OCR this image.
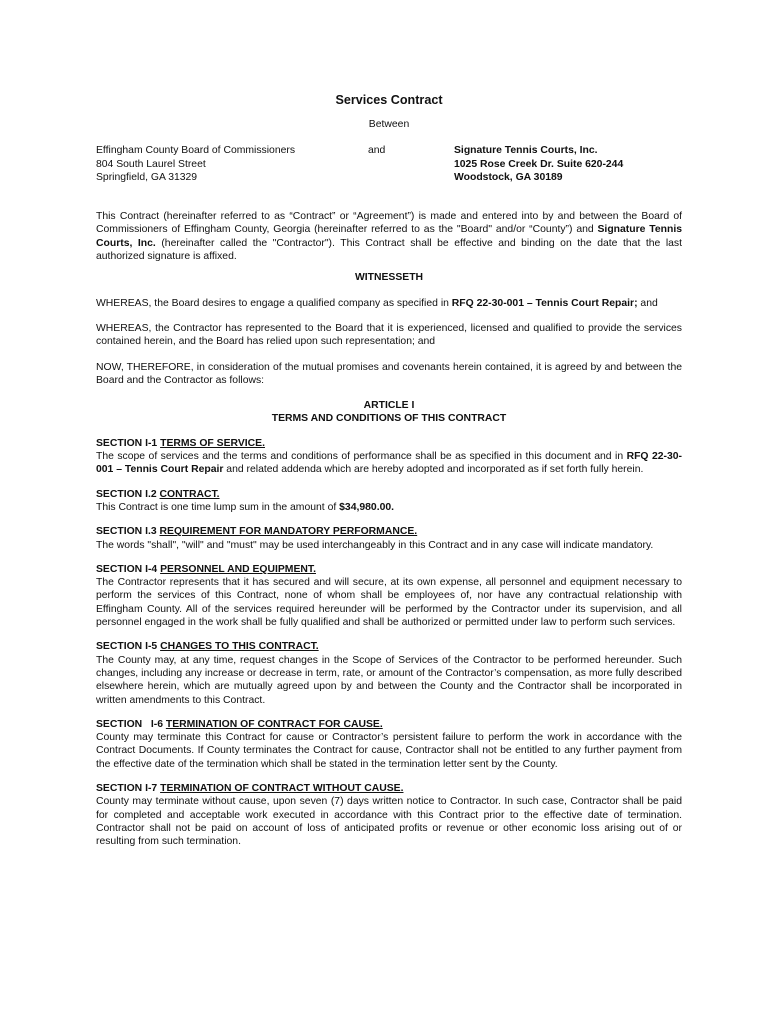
Services Contract
Between
Effingham County Board of Commissioners
804 South Laurel Street
Springfield, GA 31329
and	Signature Tennis Courts, Inc.
1025 Rose Creek Dr. Suite 620-244
Woodstock, GA 30189

This Contract (hereinafter referred to as “Contract” or “Agreement”) is made and entered into by and between the Board of Commissioners of Effingham County, Georgia (hereinafter referred to as the "Board" and/or “County”) and Signature Tennis Courts, Inc. (hereinafter called the "Contractor"). This Contract shall be effective and binding on the date that the last authorized signature is affixed.

WITNESSETH

WHEREAS, the Board desires to engage a qualified company as specified in RFQ 22-30-001 – Tennis Court Repair; and

WHEREAS, the Contractor has represented to the Board that it is experienced, licensed and qualified to provide the services contained herein, and the Board has relied upon such representation; and

NOW, THEREFORE, in consideration of the mutual promises and covenants herein contained, it is agreed by and between the Board and the Contractor as follows:

ARTICLE I
TERMS AND CONDITIONS OF THIS CONTRACT
SECTION I-1 TERMS OF SERVICE.

The scope of services and the terms and conditions of performance shall be as specified in this document and in RFQ 22-30-001 – Tennis Court Repair and related addenda which are hereby adopted and incorporated as if set forth fully herein.

SECTION I.2 CONTRACT.

This Contract is one time lump sum in the amount of $34,980.00.

SECTION I.3 REQUIREMENT FOR MANDATORY PERFORMANCE.

The words "shall", "will" and "must" may be used interchangeably in this Contract and in any case will indicate mandatory.

SECTION I-4 PERSONNEL AND EQUIPMENT.

The Contractor represents that it has secured and will secure, at its own expense, all personnel and equipment necessary to perform the services of this Contract, none of whom shall be employees of, nor have any contractual relationship with Effingham County. All of the services required hereunder will be performed by the Contractor under its supervision, and all personnel engaged in the work shall be fully qualified and shall be authorized or permitted under law to perform such services.

SECTION I-5 CHANGES TO THIS CONTRACT.

The County may, at any time, request changes in the Scope of Services of the Contractor to be performed hereunder. Such changes, including any increase or decrease in term, rate, or amount of the Contractor’s compensation, as more fully described elsewhere herein, which are mutually agreed upon by and between the County and the Contractor shall be incorporated in written amendments to this Contract.

SECTION   I-6 TERMINATION OF CONTRACT FOR CAUSE.

County may terminate this Contract for cause or Contractor’s persistent failure to perform the work in accordance with the Contract Documents. If County terminates the Contract for cause, Contractor shall not be entitled to any further payment from the effective date of the termination which shall be stated in the termination letter sent by the County.

SECTION I-7 TERMINATION OF CONTRACT WITHOUT CAUSE.

County may terminate without cause, upon seven (7) days written notice to Contractor. In such case, Contractor shall be paid for completed and acceptable work executed in accordance with this Contract prior to the effective date of termination. Contractor shall not be paid on account of loss of anticipated profits or revenue or other economic loss arising out of or resulting from such termination.
